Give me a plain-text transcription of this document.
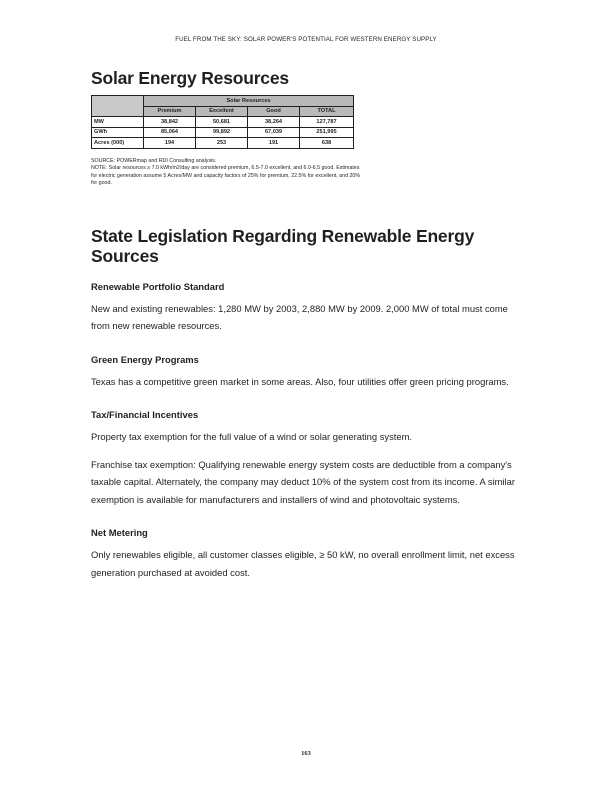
FUEL FROM THE SKY: SOLAR POWER'S POTENTIAL FOR WESTERN ENERGY SUPPLY
Solar Energy Resources
	Solar Resources			
	Premium	Excellent	Good	TOTAL
MW	38,842	50,681	38,264	127,787
GWh	85,064	99,892	67,039	251,995
Acres (000)	194	253	191	638
SOURCE: POWERmap and RDI Consulting analysis.
NOTE: Solar resources ≥ 7.0 kWh/m2/day are considered premium, 6.5-7.0 excellent, and 6.0-6.5 good. Estimates for electric generation assume 5 Acres/MW and capacity factors of 25% for premium, 22.5% for excellent, and 20% for good.
State Legislation Regarding Renewable Energy Sources
Renewable Portfolio Standard

New and existing renewables: 1,280 MW by 2003, 2,880 MW by 2009. 2,000 MW of total must come from new renewable resources.

Green Energy Programs

Texas has a competitive green market in some areas. Also, four utilities offer green pricing programs.

Tax/Financial Incentives

Property tax exemption for the full value of a wind or solar generating system.

Franchise tax exemption: Qualifying renewable energy system costs are deductible from a company's taxable capital. Alternately, the company may deduct 10% of the system cost from its income. A similar exemption is available for manufacturers and installers of wind and photovoltaic systems.

Net Metering

Only renewables eligible, all customer classes eligible, ≥ 50 kW, no overall enrollment limit, net excess generation purchased at avoided cost.

163
